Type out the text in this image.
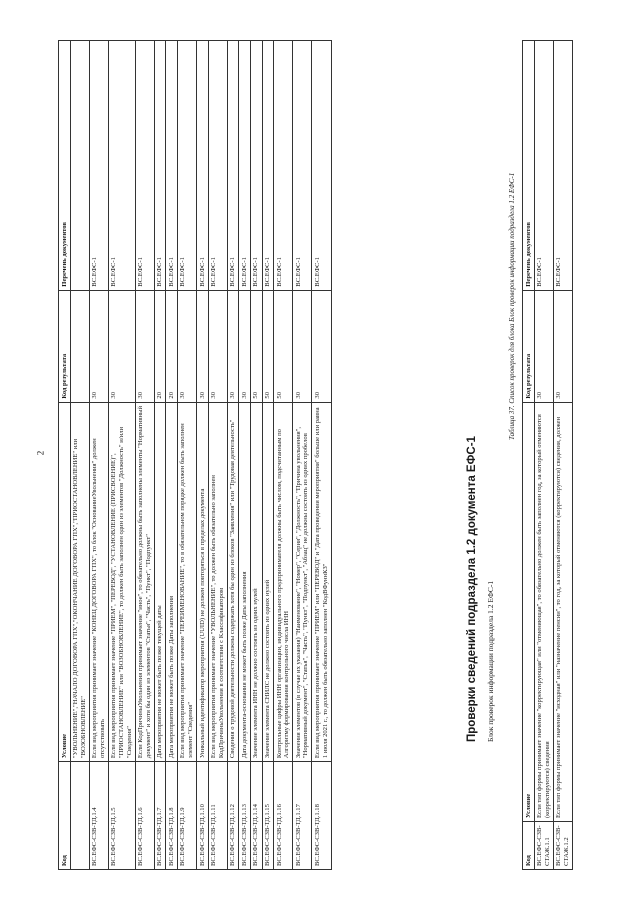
2
Код	Условие	Код результата	Перечень документов
	"УВОЛЬНЕНИЕ","НАЧАЛО ДОГОВОРА ГПХ","ОКОНЧАНИЕ ДОГОВОРА ГПХ","ПРИОСТАНОВЛЕНИЕ" или "ВОЗОБНОВЛЕНИЕ"		
ВС.ЕФС-СЗВ-ТД.1.4	Если вид мероприятия принимает значение "КОНЕЦ ДОГОВОРА ГПХ", то блок "ОснованиеУвольнения" должен отсутствовать	30	ВС.ЕФС-1
ВС.ЕФС-СЗВ-ТД.1.5	Если вид мероприятия принимает значение "ПРИЕМ", "ПЕРЕВОД", "УСТАНОВЛЕНИЕ (ПРИСВОЕНИЕ)", "ПРИОСТАНОВЛЕНИЕ" или "ВОЗОБНОВЛЕНИЕ", то должен быть заполнен один из элементов "Должность" и/или "Сведения"	30	ВС.ЕФС-1
ВС.ЕФС-СЗВ-ТД.1.6	Если КодПричиныУвольнения принимает значение "иное", то обязательно должны быть заполнены элементы "Нормативный документ" и хотя бы один из элементов "Статья", "Часть", "Пункт", "Подпункт"	30	ВС.ЕФС-1
ВС.ЕФС-СЗВ-ТД.1.7	Дата мероприятия не может быть позже текущей даты	20	ВС.ЕФС-1
ВС.ЕФС-СЗВ-ТД.1.8	Дата мероприятия не может быть позже Даты заполнения	20	ВС.ЕФС-1
ВС.ЕФС-СЗВ-ТД.1.9	Если вид мероприятия принимает значение "ПЕРЕИМЕНОВАНИЕ", то в обязательном порядке должен быть заполнен элемент "Сведения"	30	ВС.ЕФС-1
ВС.ЕФС-СЗВ-ТД.1.10	Уникальный идентификатор мероприятия (UUID) не должен повторяться в пределах документа	30	ВС.ЕФС-1
ВС.ЕФС-СЗВ-ТД.1.11	Если вид мероприятия принимает значение "УВОЛЬНЕНИЕ", то должен быть обязательно заполнен КодПричиныУвольнения в соответствии с Классификатором	30	ВС.ЕФС-1
ВС.ЕФС-СЗВ-ТД.1.12	Сведения о трудовой деятельности должны содержать хотя бы один из блоков "Заявления" или "Трудовая деятельность"	30	ВС.ЕФС-1
ВС.ЕФС-СЗВ-ТД.1.13	Дата документа-основания не может быть позже Даты заполнения	30	ВС.ЕФС-1
ВС.ЕФС-СЗВ-ТД.1.14	Значение элемента ИНН не должно состоять из одних нулей	50	ВС.ЕФС-1
ВС.ЕФС-СЗВ-ТД.1.15	Значение элемента СНИЛС не должно состоять из одних нулей	50	ВС.ЕФС-1
ВС.ЕФС-СЗВ-ТД.1.16	Контрольные цифры ИНН организации, индивидуального предпринимателя должны быть числом, подсчитанным по Алгоритму формирования контрольного числа ИНН	50	ВС.ЕФС-1
ВС.ЕФС-СЗВ-ТД.1.17	Значения элементов (в случае их указания) "Наименование", "Номер", "Серия", "Должность", "Причина увольнения", "Нормативный документ", "Статья", "Часть", "Пункт", "Подпункт", "Абзац" не должны состоять из одних пробелов	30	ВС.ЕФС-1
ВС.ЕФС-СЗВ-ТД.1.18	Если вид мероприятия принимает значение "ПРИЕМ" или "ПЕРЕВОД" и "Дата проведения мероприятия" больше или равна 1 июля 2021 г., то должен быть обязательно заполнен "КодВФуннКЗ"	30	ВС.ЕФС-1
Проверки сведений подраздела 1.2 документа ЕФС-1 Блок проверок информации подраздела 1.2 ЕФС-1
Таблица 37. Список проверок для блока Блок проверок информации подраздела 1.2 ЕФС-1
Код	Условие	Код результата	Перечень документов
ВС.ЕФС-СЗВ-СТАЖ.1.1	Если тип формы принимает значение "корректирующая" или "отменяющая", то обязательно должен быть заполнен год, за который отменяются (корректируются) сведения	30	ВС.ЕФС-1
ВС.ЕФС-СЗВ-СТАЖ.1.2	Если тип формы принимает значение "исходная" или "назначение пенсии", то год, за который отменяются (корректируются) сведения, должен	30	ВС.ЕФС-1
